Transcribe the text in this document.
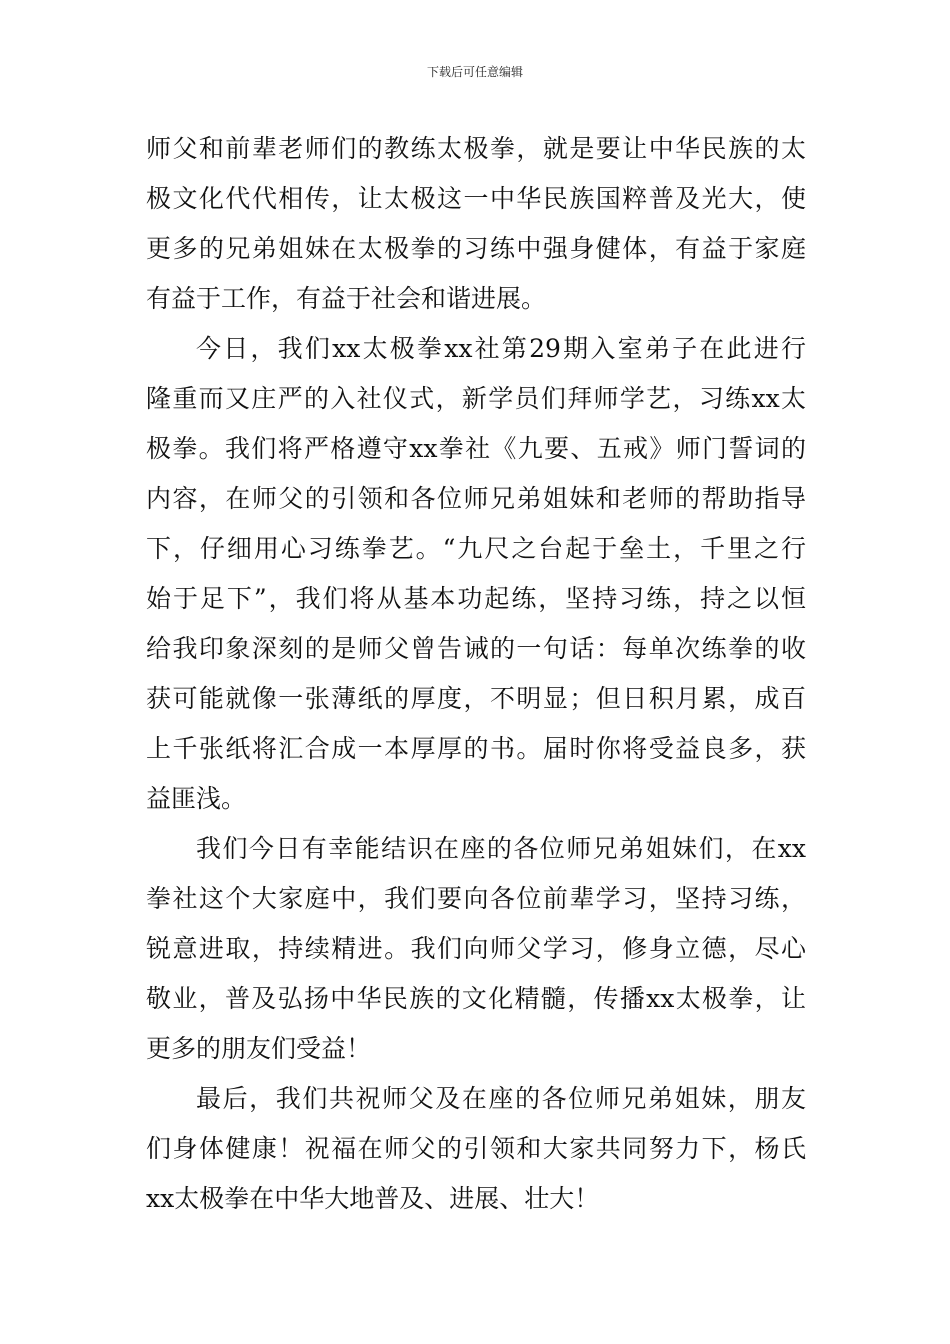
下载后可任意编辑
师父和前辈老师们的教练太极拳，就是要让中华民族的太
极文化代代相传，让太极这一中华民族国粹普及光大，使
更多的兄弟姐妹在太极拳的习练中强身健体，有益于家庭
有益于工作，有益于社会和谐进展。
今日，我们xx太极拳xx社第29期入室弟子在此进行
隆重而又庄严的入社仪式，新学员们拜师学艺，习练xx太
极拳。我们将严格遵守xx拳社《九要、五戒》师门誓词的
内容，在师父的引领和各位师兄弟姐妹和老师的帮助指导
下，仔细用心习练拳艺。“九尺之台起于垒土，千里之行
始于足下”，我们将从基本功起练，坚持习练，持之以恒
给我印象深刻的是师父曾告诫的一句话：每单次练拳的收
获可能就像一张薄纸的厚度，不明显；但日积月累，成百
上千张纸将汇合成一本厚厚的书。届时你将受益良多，获
益匪浅。
我们今日有幸能结识在座的各位师兄弟姐妹们，在xx
拳社这个大家庭中，我们要向各位前辈学习，坚持习练，
锐意进取，持续精进。我们向师父学习，修身立德，尽心
敬业，普及弘扬中华民族的文化精髓，传播xx太极拳，让
更多的朋友们受益！
最后，我们共祝师父及在座的各位师兄弟姐妹，朋友
们身体健康！祝福在师父的引领和大家共同努力下，杨氏
xx太极拳在中华大地普及、进展、壮大！
